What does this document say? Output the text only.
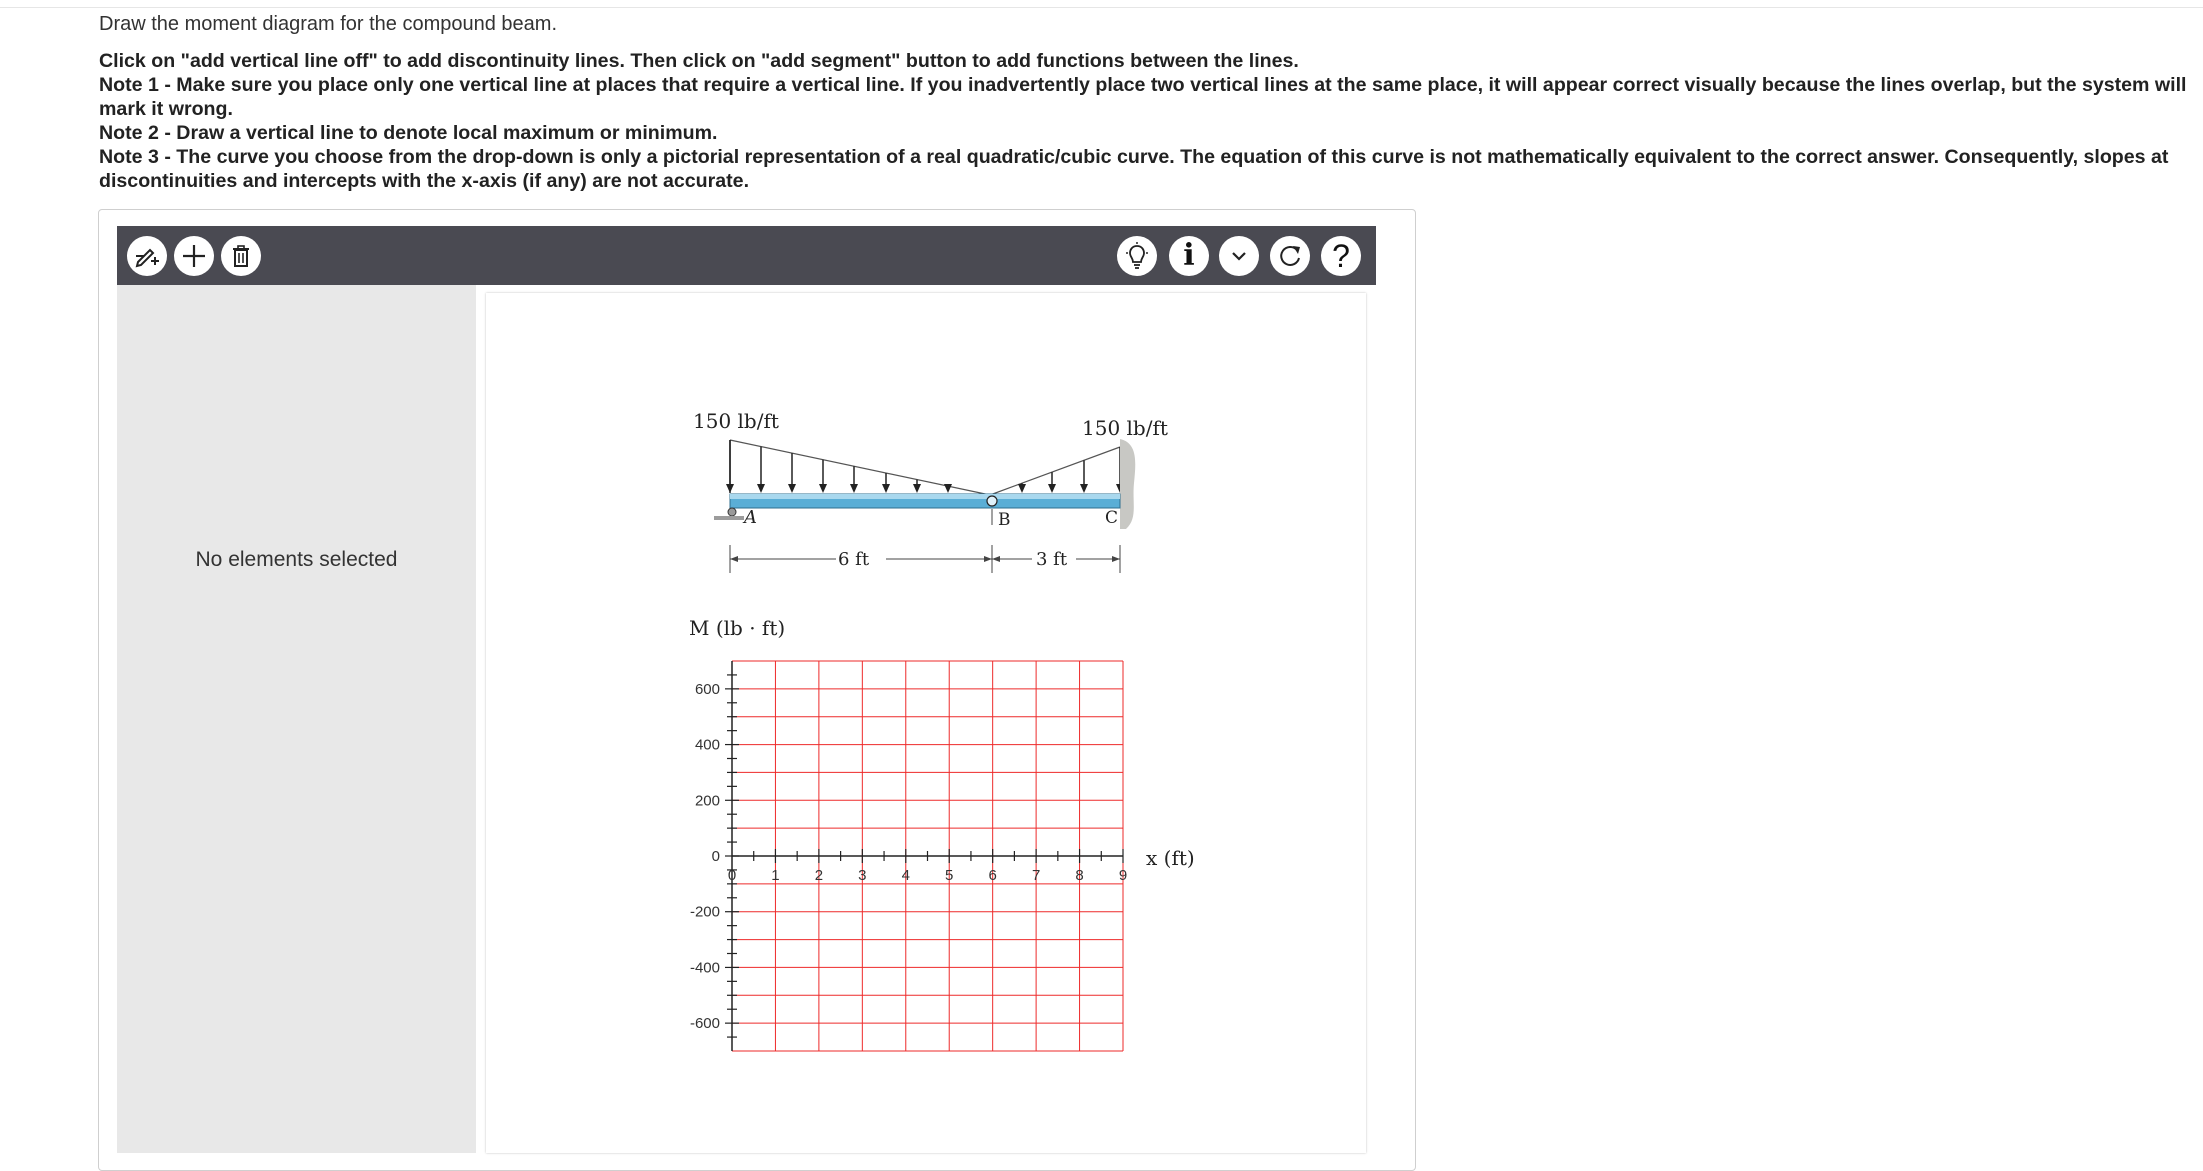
Draw the moment diagram for the compound beam.
Click on "add vertical line off" to add discontinuity lines. Then click on "add segment" button to add functions between the lines.
Note 1 - Make sure you place only one vertical line at places that require a vertical line. If you inadvertently place two vertical lines at the same place, it will appear correct visually because the lines overlap, but the system will mark it wrong.
Note 2 - Draw a vertical line to denote local maximum or minimum.
Note 3 - The curve you choose from the drop-down is only a pictorial representation of a real quadratic/cubic curve. The equation of this curve is not mathematically equivalent to the correct answer. Consequently, slopes at discontinuities and intercepts with the x-axis (if any) are not accurate.
i	?
No elements selected
150 lb/ft	150 lb/ft
A	B	C
6 ft	3 ft
M (lb · ft)
x (ft)
600
400
200
0
-200
-400
-600
0 1 2 3 4 5 6 7 8 9
